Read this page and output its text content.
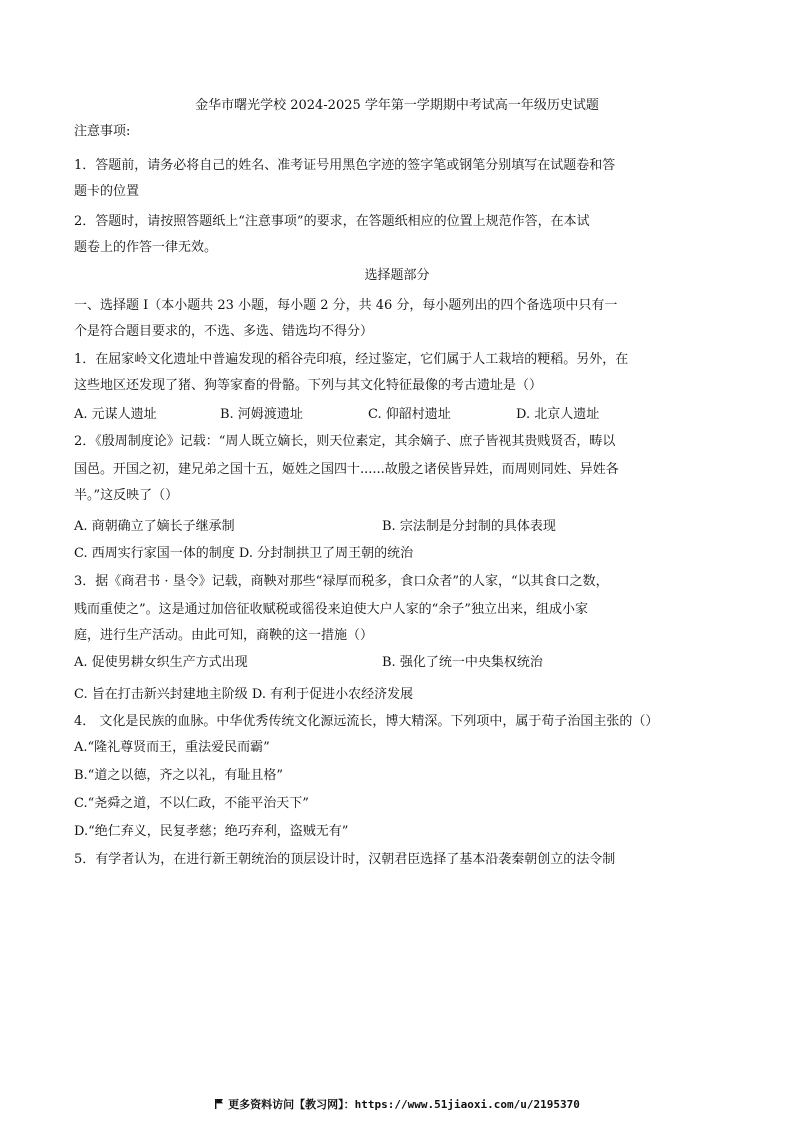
金华市曙光学校 2024-2025 学年第一学期期中考试高一年级历史试题
注意事项:
1．答题前，请务必将自己的姓名、准考证号用黑色字迹的签字笔或钢笔分别填写在试题卷和答
题卡的位置
2．答题时，请按照答题纸上“注意事项”的要求，在答题纸相应的位置上规范作答，在本试
题卷上的作答一律无效。
选择题部分
一、选择题 I（本小题共 23 小题，每小题 2 分，共 46 分，每小题列出的四个备选项中只有一
个是符合题目要求的，不选、多选、错选均不得分）
1．在屈家岭文化遗址中普遍发现的稻谷壳印痕，经过鉴定，它们属于人工栽培的粳稻。另外，在
这些地区还发现了猪、狗等家畜的骨骼。下列与其文化特征最像的考古遗址是（）
A. 元谋人遗址	B. 河姆渡遗址	C. 仰韶村遗址	D. 北京人遗址
2．《殷周制度论》记载：“周人既立嫡长，则天位素定，其余嫡子、庶子皆视其贵贱贤否，畴以
国邑。开国之初，建兄弟之国十五，姬姓之国四十......故殷之诸侯皆异姓，而周则同姓、异姓各
半。”这反映了（）
A. 商朝确立了嫡长子继承制	B. 宗法制是分封制的具体表现
C. 西周实行家国一体的制度 D. 分封制拱卫了周王朝的统治
3．据《商君书 · 垦令》记载，商鞅对那些“禄厚而税多，食口众者”的人家，“以其食口之数，
贱而重使之”。这是通过加倍征收赋税或徭役来迫使大户人家的“余子”独立出来，组成小家
庭，进行生产活动。由此可知，商鞅的这一措施（）
A. 促使男耕女织生产方式出现	B. 强化了统一中央集权统治
C. 旨在打击新兴封建地主阶级 D. 有利于促进小农经济发展
4． 文化是民族的血脉。中华优秀传统文化源远流长，博大精深。下列项中，属于荀子治国主张的（）
A.“隆礼尊贤而王，重法爱民而霸”
B.“道之以德，齐之以礼，有耻且格”
C.“尧舜之道，不以仁政，不能平治天下”
D.“绝仁弃义，民复孝慈；绝巧弃利，盗贼无有”
5．有学者认为，在进行新王朝统治的顶层设计时，汉朝君臣选择了基本沿袭秦朝创立的法令制
更多资料访问【教习网】：https://www.51jiaoxi.com/u/2195370
